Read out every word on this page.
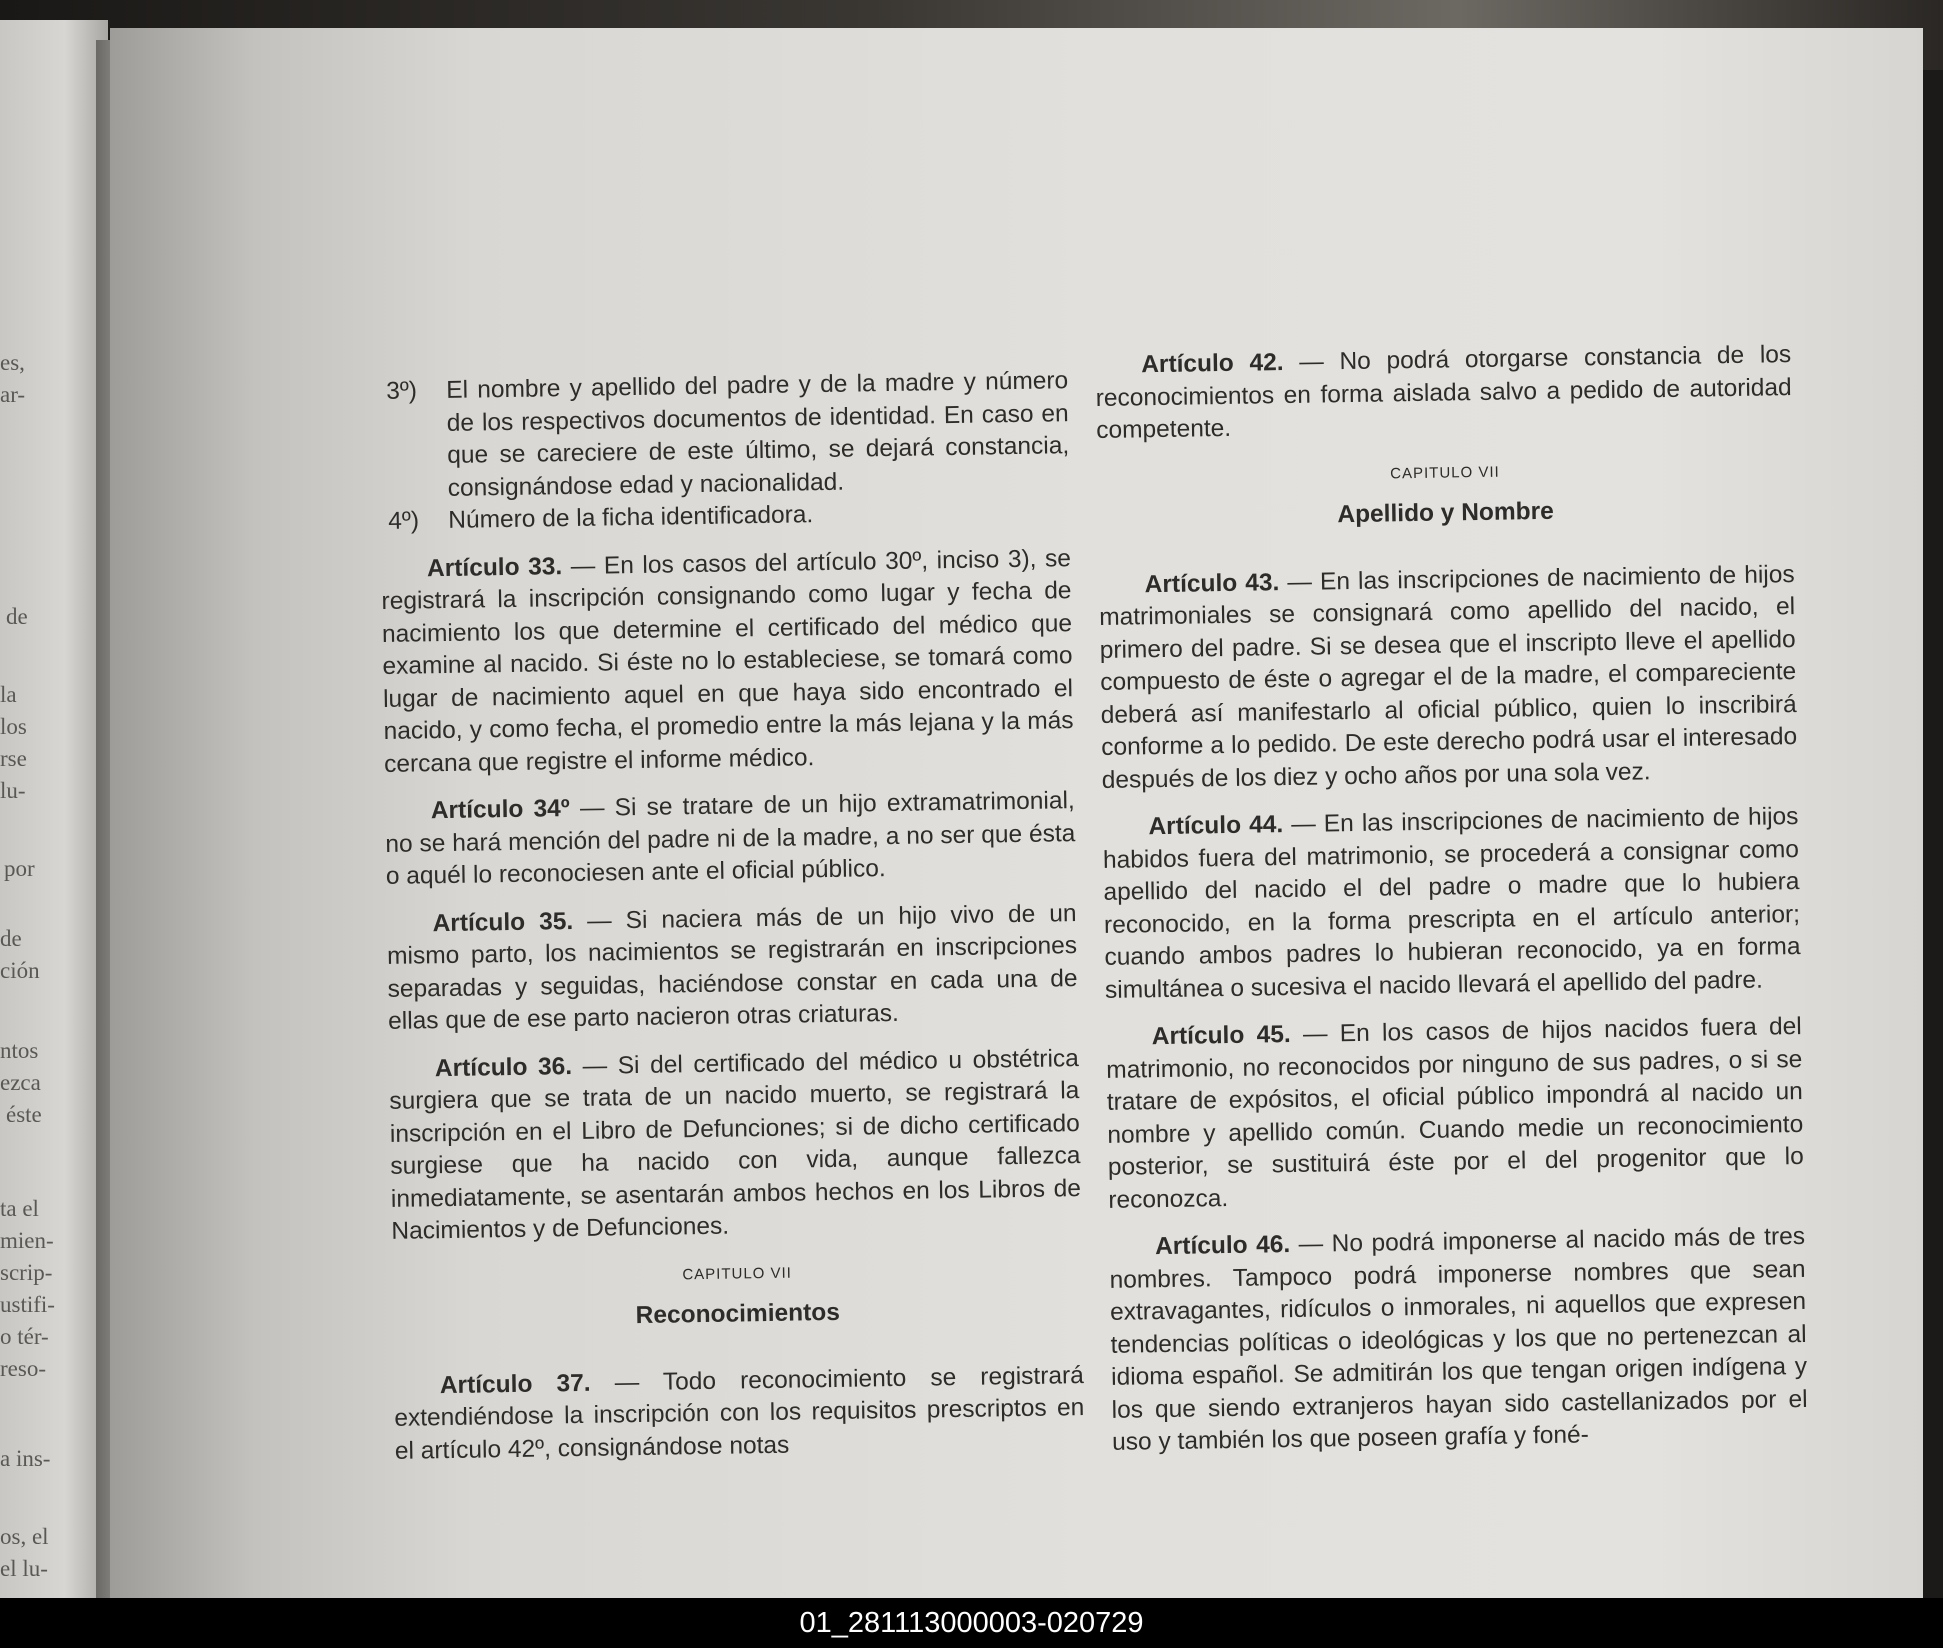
es,
ar-
de
la
los
rse
lu-
por
de
ción
ntos
ezca
éste
ta el
mien-
scrip-
ustifi-
o tér-
reso-
a ins-
os, el
el lu-
3º)	El nombre y apellido del padre y de la madre y número de los respectivos documentos de identidad. En caso en que se careciere de este último, se dejará constancia, consignándose edad y nacionalidad.
4º)	Número de la ficha identificadora.

Artículo 33. — En los casos del artículo 30º, inciso 3), se registrará la inscripción consignando como lugar y fecha de nacimiento los que determine el certificado del médico que examine al nacido. Si éste no lo estableciese, se tomará como lugar de nacimiento aquel en que haya sido encontrado el nacido, y como fecha, el promedio entre la más lejana y la más cercana que registre el informe médico.

Artículo 34º — Si se tratare de un hijo extramatrimonial, no se hará mención del padre ni de la madre, a no ser que ésta o aquél lo reconociesen ante el oficial público.

Artículo 35. — Si naciera más de un hijo vivo de un mismo parto, los nacimientos se registrarán en inscripciones separadas y seguidas, haciéndose constar en cada una de ellas que de ese parto nacieron otras criaturas.

Artículo 36. — Si del certificado del médico u obstétrica surgiera que se trata de un nacido muerto, se registrará la inscripción en el Libro de Defunciones; si de dicho certificado surgiese que ha nacido con vida, aunque fallezca inmediatamente, se asentarán ambos hechos en los Libros de Nacimientos y de Defunciones.

CAPITULO VII
Reconocimientos

Artículo 37. — Todo reconocimiento se registrará extendiéndose la inscripción con los requisitos prescriptos en el artículo 42º, consignándose notas

Artículo 42. — No podrá otorgarse constancia de los reconocimientos en forma aislada salvo a pedido de autoridad competente.

CAPITULO VII
Apellido y Nombre

Artículo 43. — En las inscripciones de nacimiento de hijos matrimoniales se consignará como apellido del nacido, el primero del padre. Si se desea que el inscripto lleve el apellido compuesto de éste o agregar el de la madre, el compareciente deberá así manifestarlo al oficial público, quien lo inscribirá conforme a lo pedido. De este derecho podrá usar el interesado después de los diez y ocho años por una sola vez.

Artículo 44. — En las inscripciones de nacimiento de hijos habidos fuera del matrimonio, se procederá a consignar como apellido del nacido el del padre o madre que lo hubiera reconocido, en la forma prescripta en el artículo anterior; cuando ambos padres lo hubieran reconocido, ya en forma simultánea o sucesiva el nacido llevará el apellido del padre.

Artículo 45. — En los casos de hijos nacidos fuera del matrimonio, no reconocidos por ninguno de sus padres, o si se tratare de expósitos, el oficial público impondrá al nacido un nombre y apellido común. Cuando medie un reconocimiento posterior, se sustituirá éste por el del progenitor que lo reconozca.

Artículo 46. — No podrá imponerse al nacido más de tres nombres. Tampoco podrá imponerse nombres que sean extravagantes, ridículos o inmorales, ni aquellos que expresen tendencias políticas o ideológicas y los que no pertenezcan al idioma español. Se admitirán los que tengan origen indígena y los que siendo extranjeros hayan sido castellanizados por el uso y también los que poseen grafía y foné-

01_281113000003-020729
